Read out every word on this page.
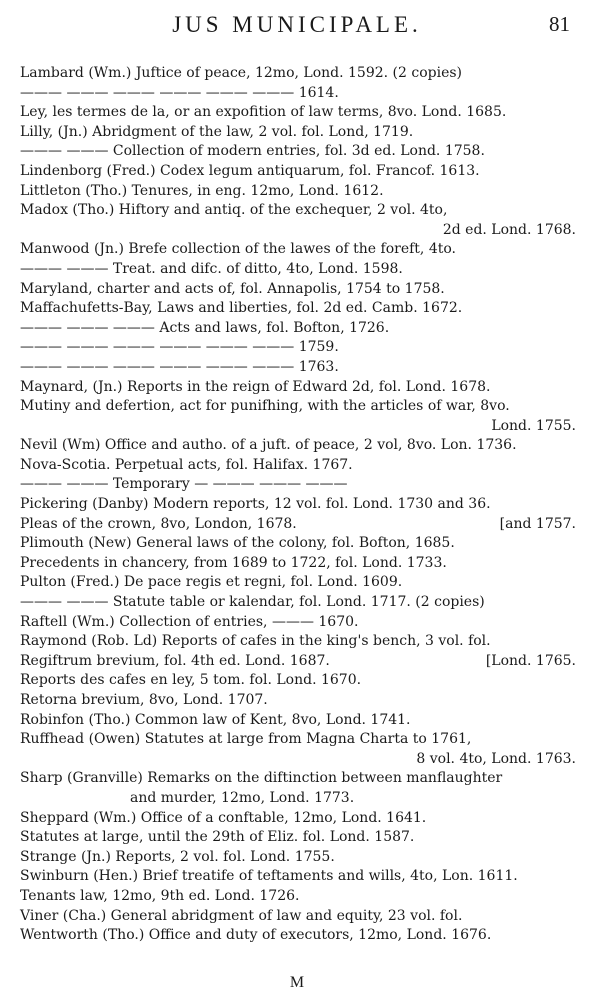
JUS MUNICIPALE.	81
Lambard (Wm.) Juftice of peace, 12mo, Lond. 1592. (2 copies)
——— ——— ——— ——— ——— ——— 1614.
Ley, les termes de la, or an expofition of law terms, 8vo. Lond. 1685.
Lilly, (Jn.) Abridgment of the law, 2 vol. fol. Lond, 1719.
——— ——— Collection of modern entries, fol. 3d ed. Lond. 1758.
Lindenborg (Fred.) Codex legum antiquarum, fol. Francof. 1613.
Littleton (Tho.) Tenures, in eng. 12mo, Lond. 1612.
Madox (Tho.) Hiftory and antiq. of the exchequer, 2 vol. 4to,
2d ed. Lond. 1768.
Manwood (Jn.) Brefe collection of the lawes of the foreft, 4to.
——— ——— Treat. and difc. of ditto, 4to, Lond. 1598.
Maryland, charter and acts of, fol. Annapolis, 1754 to 1758.
Maffachufetts-Bay, Laws and liberties, fol. 2d ed. Camb. 1672.
——— ——— ——— Acts and laws, fol. Bofton, 1726.
——— ——— ——— ——— ——— ——— 1759.
——— ——— ——— ——— ——— ——— 1763.
Maynard, (Jn.) Reports in the reign of Edward 2d, fol. Lond. 1678.
Mutiny and defertion, act for punifhing, with the articles of war, 8vo.
Lond. 1755.
Nevil (Wm) Office and autho. of a juft. of peace, 2 vol, 8vo. Lon. 1736.
Nova-Scotia. Perpetual acts, fol. Halifax. 1767.
——— ——— Temporary — ——— ——— ———
Pickering (Danby) Modern reports, 12 vol. fol. Lond. 1730 and 36.
[and 1757.
Pleas of the crown, 8vo, London, 1678.
Plimouth (New) General laws of the colony, fol. Bofton, 1685.
Precedents in chancery, from 1689 to 1722, fol. Lond. 1733.
Pulton (Fred.) De pace regis et regni, fol. Lond. 1609.
——— ——— Statute table or kalendar, fol. Lond. 1717. (2 copies)
Raftell (Wm.) Collection of entries, ——— 1670.
Raymond (Rob. Ld) Reports of cafes in the king's bench, 3 vol. fol.
[Lond. 1765.
Regiftrum brevium, fol. 4th ed. Lond. 1687.
Reports des cafes en ley, 5 tom. fol. Lond. 1670.
Retorna brevium, 8vo, Lond. 1707.
Robinfon (Tho.) Common law of Kent, 8vo, Lond. 1741.
Ruffhead (Owen) Statutes at large from Magna Charta to 1761,
8 vol. 4to, Lond. 1763.
Sharp (Granville) Remarks on the diftinction between manflaughter
and murder, 12mo, Lond. 1773.
Sheppard (Wm.) Office of a conftable, 12mo, Lond. 1641.
Statutes at large, until the 29th of Eliz. fol. Lond. 1587.
Strange (Jn.) Reports, 2 vol. fol. Lond. 1755.
Swinburn (Hen.) Brief treatife of teftaments and wills, 4to, Lon. 1611.
Tenants law, 12mo, 9th ed. Lond. 1726.
Viner (Cha.) General abridgment of law and equity, 23 vol. fol.
Wentworth (Tho.) Office and duty of executors, 12mo, Lond. 1676.
M
